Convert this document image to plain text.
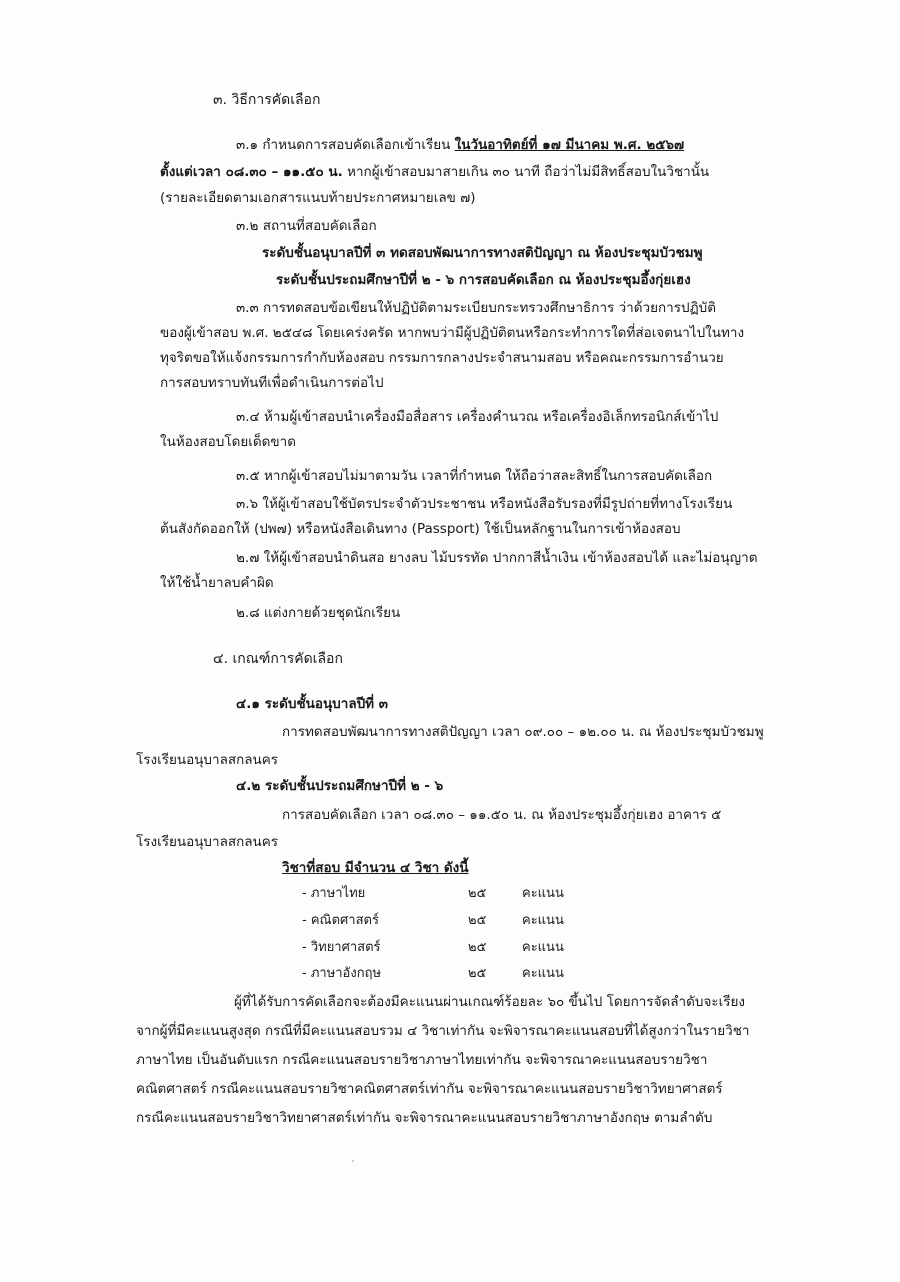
๓. วิธีการคัดเลือก
๓.๑ กำหนดการสอบคัดเลือกเข้าเรียน ในวันอาทิตย์ที่ ๑๗ มีนาคม พ.ศ. ๒๕๖๗
ตั้งแต่เวลา ๐๘.๓๐ – ๑๑.๕๐ น. หากผู้เข้าสอบมาสายเกิน ๓๐ นาที ถือว่าไม่มีสิทธิ์สอบในวิชานั้น
(รายละเอียดตามเอกสารแนบท้ายประกาศหมายเลข ๗)
๓.๒ สถานที่สอบคัดเลือก
ระดับชั้นอนุบาลปีที่ ๓ ทดสอบพัฒนาการทางสติปัญญา ณ ห้องประชุมบัวชมพู
ระดับชั้นประถมศึกษาปีที่ ๒ - ๖ การสอบคัดเลือก ณ ห้องประชุมอึ้งกุ่ยเฮง
๓.๓ การทดสอบข้อเขียนให้ปฏิบัติตามระเบียบกระทรวงศึกษาธิการ ว่าด้วยการปฏิบัติ
ของผู้เข้าสอบ พ.ศ. ๒๕๔๘ โดยเคร่งครัด หากพบว่ามีผู้ปฏิบัติตนหรือกระทำการใดที่ส่อเจตนาไปในทาง
ทุจริตขอให้แจ้งกรรมการกำกับห้องสอบ กรรมการกลางประจำสนามสอบ หรือคณะกรรมการอำนวย
การสอบทราบทันทีเพื่อดำเนินการต่อไป
๓.๔ ห้ามผู้เข้าสอบนำเครื่องมือสื่อสาร เครื่องคำนวณ หรือเครื่องอิเล็กทรอนิกส์เข้าไป
ในห้องสอบโดยเด็ดขาด
๓.๕ หากผู้เข้าสอบไม่มาตามวัน เวลาที่กำหนด ให้ถือว่าสละสิทธิ์ในการสอบคัดเลือก
๓.๖ ให้ผู้เข้าสอบใช้บัตรประจำตัวประชาชน หรือหนังสือรับรองที่มีรูปถ่ายที่ทางโรงเรียน
ต้นสังกัดออกให้ (ปพ๗) หรือหนังสือเดินทาง (Passport) ใช้เป็นหลักฐานในการเข้าห้องสอบ
๒.๗ ให้ผู้เข้าสอบนำดินสอ ยางลบ ไม้บรรทัด ปากกาสีน้ำเงิน เข้าห้องสอบได้ และไม่อนุญาต
ให้ใช้น้ำยาลบคำผิด
๒.๘ แต่งกายด้วยชุดนักเรียน
๔. เกณฑ์การคัดเลือก
๔.๑ ระดับชั้นอนุบาลปีที่ ๓
การทดสอบพัฒนาการทางสติปัญญา เวลา ๐๙.๐๐ – ๑๒.๐๐ น. ณ ห้องประชุมบัวชมพู
โรงเรียนอนุบาลสกลนคร
๔.๒ ระดับชั้นประถมศึกษาปีที่ ๒ - ๖
การสอบคัดเลือก เวลา ๐๘.๓๐ – ๑๑.๕๐ น. ณ ห้องประชุมอึ้งกุ่ยเฮง อาคาร ๕
โรงเรียนอนุบาลสกลนคร
วิชาที่สอบ มีจำนวน ๔ วิชา ดังนี้
- ภาษาไทย	๒๕	คะแนน
- คณิตศาสตร์	๒๕	คะแนน
- วิทยาศาสตร์	๒๕	คะแนน
- ภาษาอังกฤษ	๒๕	คะแนน
ผู้ที่ได้รับการคัดเลือกจะต้องมีคะแนนผ่านเกณฑ์ร้อยละ ๖๐ ขึ้นไป โดยการจัดลำดับจะเรียง
จากผู้ที่มีคะแนนสูงสุด กรณีที่มีคะแนนสอบรวม ๔ วิชาเท่ากัน จะพิจารณาคะแนนสอบที่ได้สูงกว่าในรายวิชา
ภาษาไทย เป็นอันดับแรก กรณีคะแนนสอบรายวิชาภาษาไทยเท่ากัน จะพิจารณาคะแนนสอบรายวิชา
คณิตศาสตร์ กรณีคะแนนสอบรายวิชาคณิตศาสตร์เท่ากัน จะพิจารณาคะแนนสอบรายวิชาวิทยาศาสตร์
กรณีคะแนนสอบรายวิชาวิทยาศาสตร์เท่ากัน จะพิจารณาคะแนนสอบรายวิชาภาษาอังกฤษ ตามลำดับ
